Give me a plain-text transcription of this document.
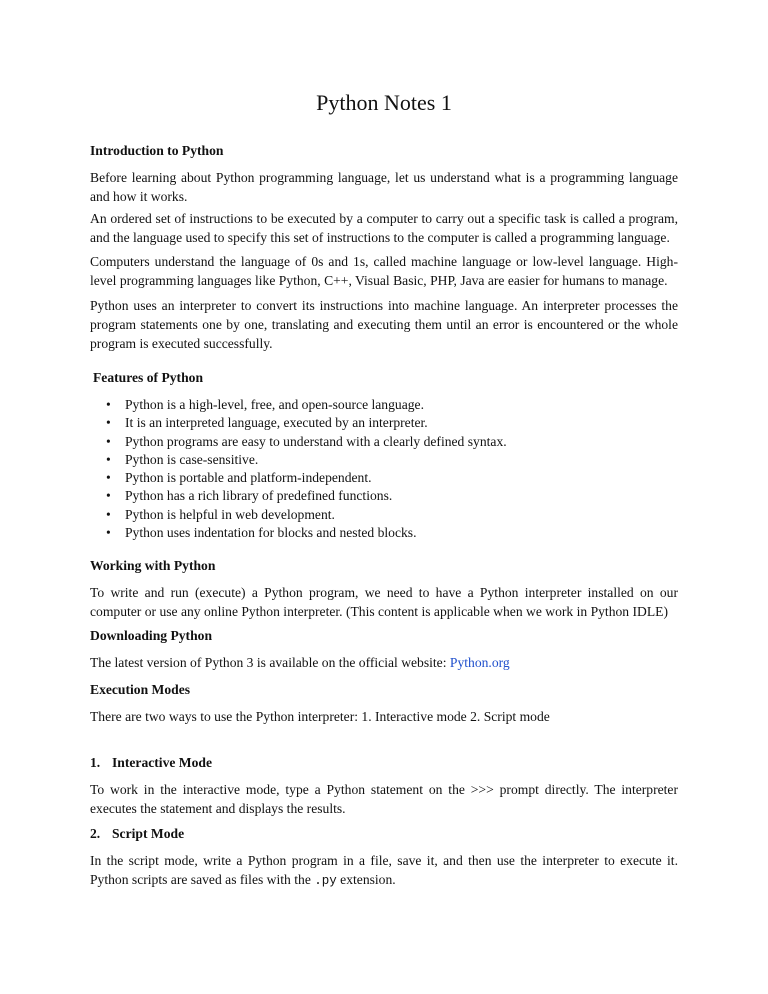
Python Notes 1
Introduction to Python

Before learning about Python programming language, let us understand what is a programming language and how it works.

An ordered set of instructions to be executed by a computer to carry out a specific task is called a program, and the language used to specify this set of instructions to the computer is called a programming language.

Computers understand the language of 0s and 1s, called machine language or low-level language. High-level programming languages like Python, C++, Visual Basic, PHP, Java are easier for humans to manage.

Python uses an interpreter to convert its instructions into machine language. An interpreter processes the program statements one by one, translating and executing them until an error is encountered or the whole program is executed successfully.

Features of Python
• Python is a high-level, free, and open-source language.
• It is an interpreted language, executed by an interpreter.
• Python programs are easy to understand with a clearly defined syntax.
• Python is case-sensitive.
• Python is portable and platform-independent.
• Python has a rich library of predefined functions.
• Python is helpful in web development.
• Python uses indentation for blocks and nested blocks.
Working with Python

To write and run (execute) a Python program, we need to have a Python interpreter installed on our computer or use any online Python interpreter. (This content is applicable when we work in Python IDLE)

Downloading Python

The latest version of Python 3 is available on the official website: Python.org

Execution Modes

There are two ways to use the Python interpreter: 1. Interactive mode 2. Script mode

1. Interactive Mode

To work in the interactive mode, type a Python statement on the >>> prompt directly. The interpreter executes the statement and displays the results.

2. Script Mode

In the script mode, write a Python program in a file, save it, and then use the interpreter to execute it. Python scripts are saved as files with the .py extension.
